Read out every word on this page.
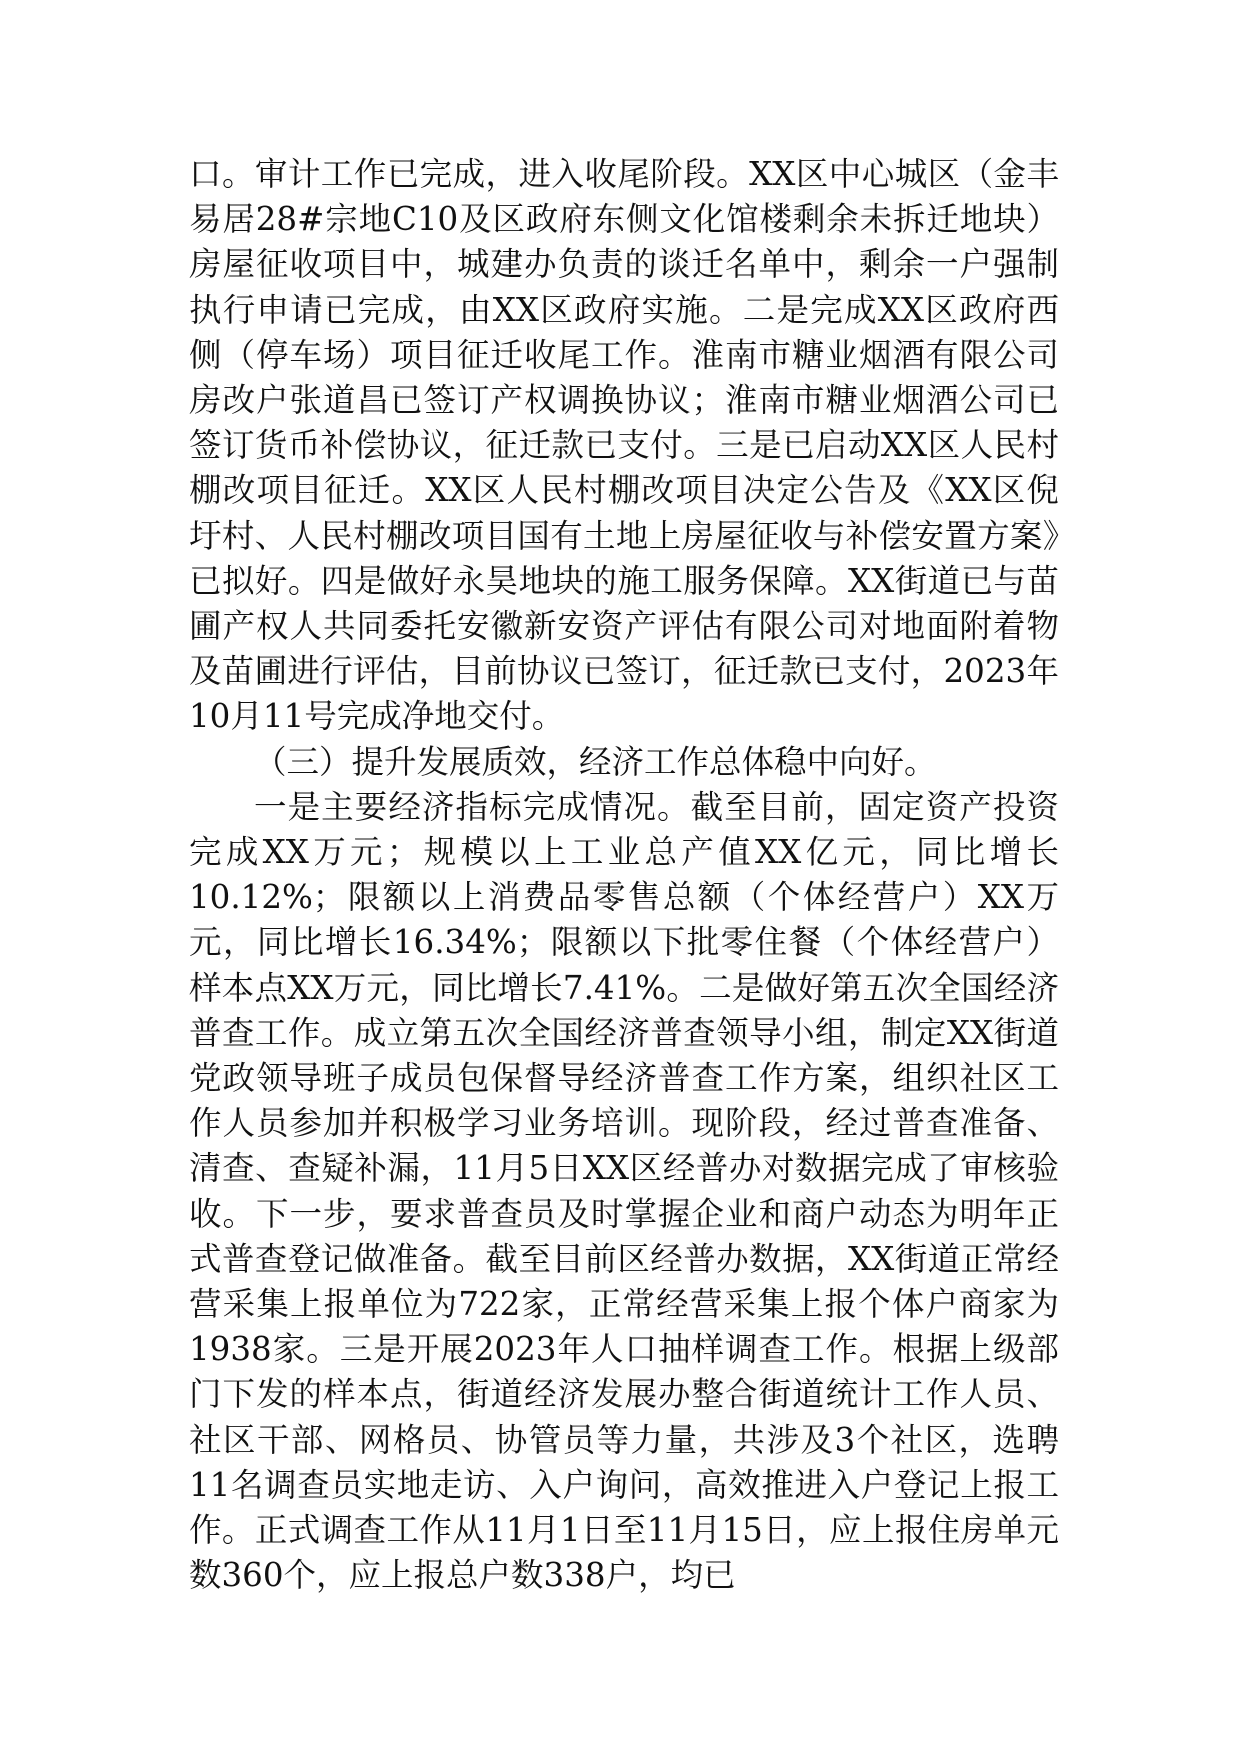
口。审计工作已完成，进入收尾阶段。XX区中心城区（金丰易居28#宗地C10及区政府东侧文化馆楼剩余未拆迁地块）房屋征收项目中，城建办负责的谈迁名单中，剩余一户强制执行申请已完成，由XX区政府实施。二是完成XX区政府西侧（停车场）项目征迁收尾工作。淮南市糖业烟酒有限公司房改户张道昌已签订产权调换协议；淮南市糖业烟酒公司已签订货币补偿协议，征迁款已支付。三是已启动XX区人民村棚改项目征迁。XX区人民村棚改项目决定公告及《XX区倪圩村、人民村棚改项目国有土地上房屋征收与补偿安置方案》已拟好。四是做好永昊地块的施工服务保障。XX街道已与苗圃产权人共同委托安徽新安资产评估有限公司对地面附着物及苗圃进行评估，目前协议已签订，征迁款已支付，2023年10月11号完成净地交付。

（三）提升发展质效，经济工作总体稳中向好。

一是主要经济指标完成情况。截至目前，固定资产投资完成XX万元；规模以上工业总产值XX亿元，同比增长10.12%；限额以上消费品零售总额（个体经营户）XX万元，同比增长16.34%；限额以下批零住餐（个体经营户）样本点XX万元，同比增长7.41%。二是做好第五次全国经济普查工作。成立第五次全国经济普查领导小组，制定XX街道党政领导班子成员包保督导经济普查工作方案，组织社区工作人员参加并积极学习业务培训。现阶段，经过普查准备、清查、查疑补漏，11月5日XX区经普办对数据完成了审核验收。下一步，要求普查员及时掌握企业和商户动态为明年正式普查登记做准备。截至目前区经普办数据，XX街道正常经营采集上报单位为722家，正常经营采集上报个体户商家为1938家。三是开展2023年人口抽样调查工作。根据上级部门下发的样本点，街道经济发展办整合街道统计工作人员、社区干部、网格员、协管员等力量，共涉及3个社区，选聘11名调查员实地走访、入户询问，高效推进入户登记上报工作。正式调查工作从11月1日至11月15日，应上报住房单元数360个，应上报总户数338户，均已
